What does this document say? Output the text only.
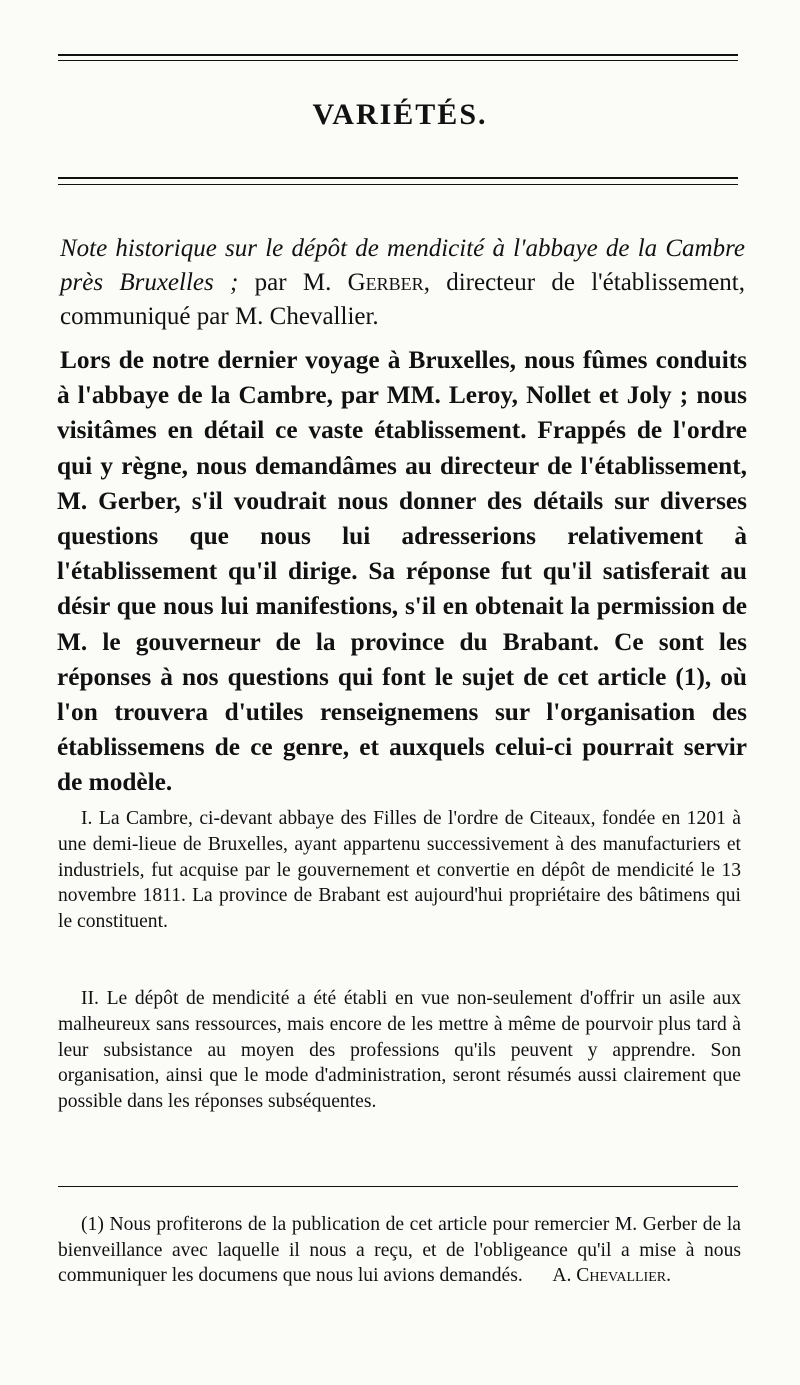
VARIÉTÉS.
Note historique sur le dépôt de mendicité à l'abbaye de la Cambre près Bruxelles ; par M. Gerber, directeur de l'établissement, communiqué par M. Chevallier.
Lors de notre dernier voyage à Bruxelles, nous fûmes conduits à l'abbaye de la Cambre, par MM. Leroy, Nollet et Joly ; nous visitâmes en détail ce vaste établissement. Frappés de l'ordre qui y règne, nous demandâmes au directeur de l'établissement, M. Gerber, s'il voudrait nous donner des détails sur diverses questions que nous lui adresserions relativement à l'établissement qu'il dirige. Sa réponse fut qu'il satisferait au désir que nous lui manifestions, s'il en obtenait la permission de M. le gouverneur de la province du Brabant. Ce sont les réponses à nos questions qui font le sujet de cet article (1), où l'on trouvera d'utiles renseignemens sur l'organisation des établissemens de ce genre, et auxquels celui-ci pourrait servir de modèle.

I. La Cambre, ci-devant abbaye des Filles de l'ordre de Citeaux, fondée en 1201 à une demi-lieue de Bruxelles, ayant appartenu successivement à des manufacturiers et industriels, fut acquise par le gouvernement et convertie en dépôt de mendicité le 13 novembre 1811. La province de Brabant est aujourd'hui propriétaire des bâtimens qui le constituent.

II. Le dépôt de mendicité a été établi en vue non-seulement d'offrir un asile aux malheureux sans ressources, mais encore de les mettre à même de pourvoir plus tard à leur subsistance au moyen des professions qu'ils peuvent y apprendre. Son organisation, ainsi que le mode d'administration, seront résumés aussi clairement que possible dans les réponses subséquentes.

(1) Nous profiterons de la publication de cet article pour remercier M. Gerber de la bienveillance avec laquelle il nous a reçu, et de l'obligeance qu'il a mise à nous communiquer les documens que nous lui avions demandés.	A. Chevallier.
